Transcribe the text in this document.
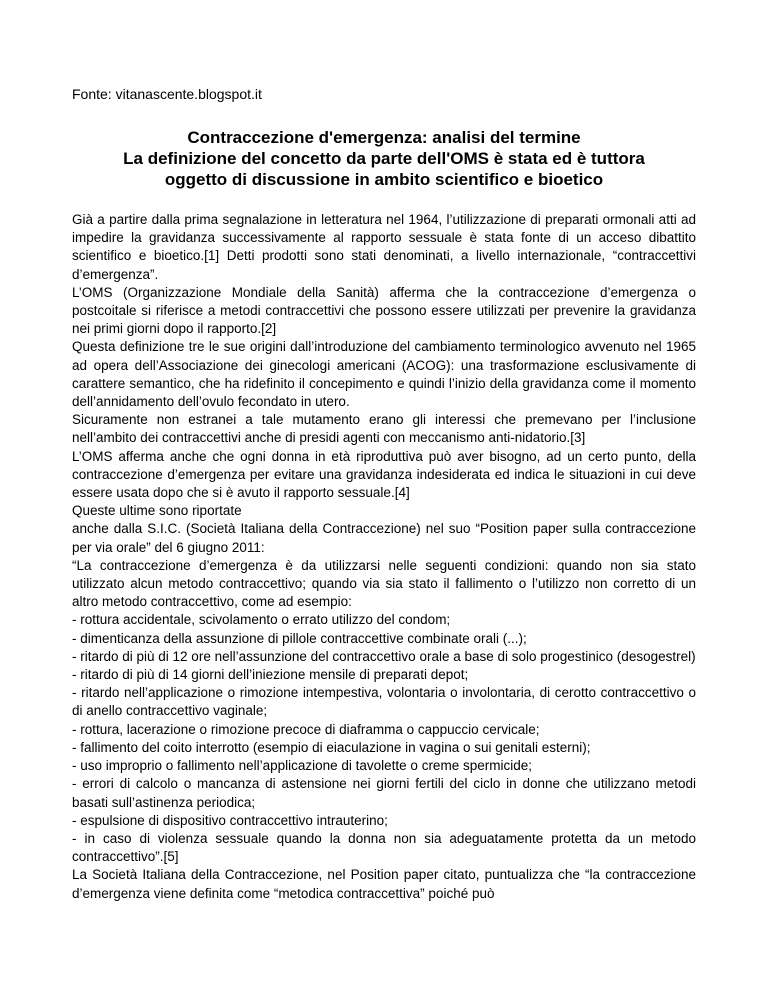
Fonte: vitanascente.blogspot.it

Contraccezione d'emergenza: analisi del termine
La definizione del concetto da parte dell'OMS è stata ed è tuttora
oggetto di discussione in ambito scientifico e bioetico

Già a partire dalla prima segnalazione in letteratura nel 1964, l’utilizzazione di preparati ormonali atti ad impedire la gravidanza successivamente al rapporto sessuale è stata fonte di un acceso dibattito scientifico e bioetico.[1] Detti prodotti sono stati denominati, a livello internazionale, “contraccettivi d’emergenza”.

L’OMS (Organizzazione Mondiale della Sanità) afferma che la contraccezione d’emergenza o postcoitale si riferisce a metodi contraccettivi che possono essere utilizzati per prevenire la gravidanza nei primi giorni dopo il rapporto.[2]

Questa definizione tre le sue origini dall’introduzione del cambiamento terminologico avvenuto nel 1965 ad opera dell’Associazione dei ginecologi americani (ACOG): una trasformazione esclusivamente di carattere semantico, che ha ridefinito il concepimento e quindi l’inizio della gravidanza come il momento dell’annidamento dell’ovulo fecondato in utero.

Sicuramente non estranei a tale mutamento erano gli interessi che premevano per l’inclusione nell’ambito dei contraccettivi anche di presidi agenti con meccanismo anti-nidatorio.[3]

L’OMS afferma anche che ogni donna in età riproduttiva può aver bisogno, ad un certo punto, della contraccezione d’emergenza per evitare una gravidanza indesiderata ed indica le situazioni in cui deve essere usata dopo che si è avuto il rapporto sessuale.[4]

Queste ultime sono riportate

anche dalla S.I.C. (Società Italiana della Contraccezione) nel suo “Position paper sulla contraccezione per via orale” del 6 giugno 2011:

“La contraccezione d’emergenza è da utilizzarsi nelle seguenti condizioni: quando non sia stato utilizzato alcun metodo contraccettivo; quando via sia stato il fallimento o l’utilizzo non corretto di un altro metodo contraccettivo, come ad esempio:

- rottura accidentale, scivolamento o errato utilizzo del condom;

- dimenticanza della assunzione di pillole contraccettive combinate orali (...);

- ritardo di più di 12 ore nell’assunzione del contraccettivo orale a base di solo progestinico (desogestrel)

- ritardo di più di 14 giorni dell’iniezione mensile di preparati depot;

- ritardo nell’applicazione o rimozione intempestiva, volontaria o involontaria, di cerotto contraccettivo o di anello contraccettivo vaginale;

- rottura, lacerazione o rimozione precoce di diaframma o cappuccio cervicale;

- fallimento del coito interrotto (esempio di eiaculazione in vagina o sui genitali esterni);

- uso improprio o fallimento nell’applicazione di tavolette o creme spermicide;

- errori di calcolo o mancanza di astensione nei giorni fertili del ciclo in donne che utilizzano metodi basati sull’astinenza periodica;

- espulsione di dispositivo contraccettivo intrauterino;

- in caso di violenza sessuale quando la donna non sia adeguatamente protetta da un metodo contraccettivo”.[5]

La Società Italiana della Contraccezione, nel Position paper citato, puntualizza che “la contraccezione d’emergenza viene definita come “metodica contraccettiva” poiché può
